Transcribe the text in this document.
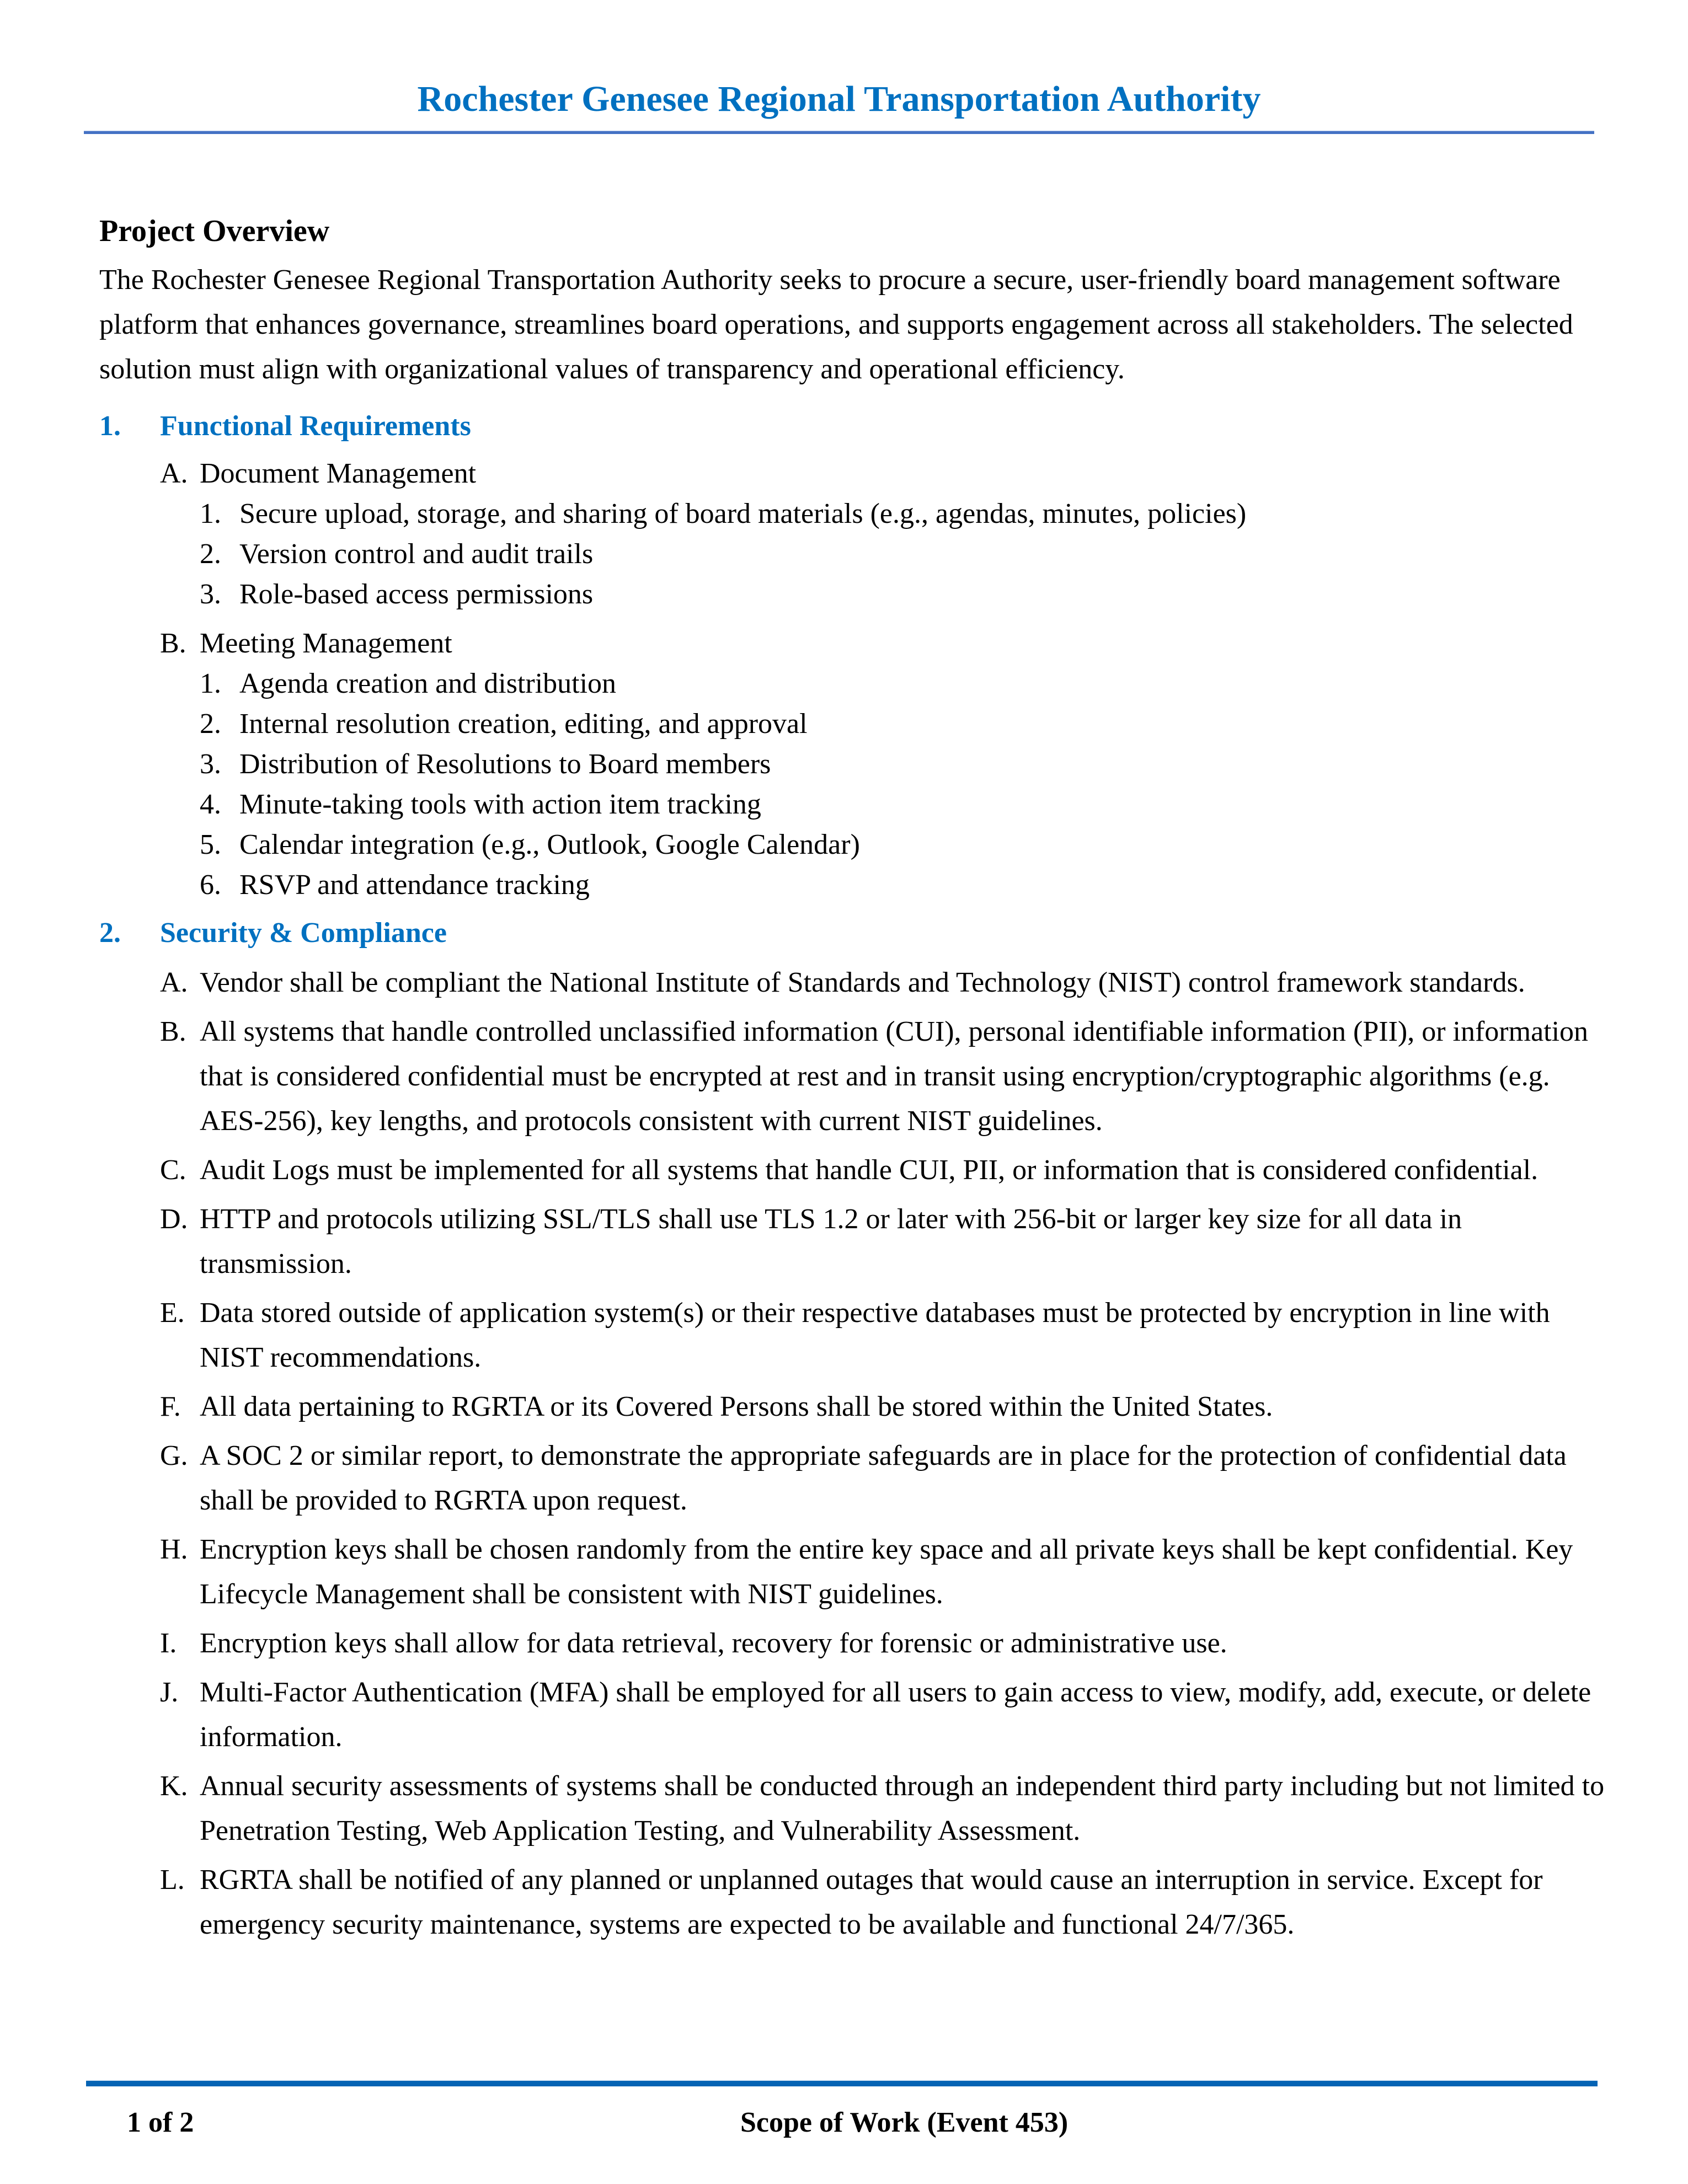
Rochester Genesee Regional Transportation Authority
Project Overview

The Rochester Genesee Regional Transportation Authority seeks to procure a secure, user-friendly board management software platform that enhances governance, streamlines board operations, and supports engagement across all stakeholders. The selected solution must align with organizational values of transparency and operational efficiency.

1.	Functional Requirements
A. Document Management
1. Secure upload, storage, and sharing of board materials (e.g., agendas, minutes, policies)
2. Version control and audit trails
3. Role-based access permissions
B. Meeting Management
1. Agenda creation and distribution
2. Internal resolution creation, editing, and approval
3. Distribution of Resolutions to Board members
4. Minute-taking tools with action item tracking
5. Calendar integration (e.g., Outlook, Google Calendar)
6. RSVP and attendance tracking
2.	Security & Compliance
A. Vendor shall be compliant the National Institute of Standards and Technology (NIST) control framework standards.
B. All systems that handle controlled unclassified information (CUI), personal identifiable information (PII), or information that is considered confidential must be encrypted at rest and in transit using encryption/cryptographic algorithms (e.g. AES-256), key lengths, and protocols consistent with current NIST guidelines.
C. Audit Logs must be implemented for all systems that handle CUI, PII, or information that is considered confidential.
D. HTTP and protocols utilizing SSL/TLS shall use TLS 1.2 or later with 256-bit or larger key size for all data in transmission.
E. Data stored outside of application system(s) or their respective databases must be protected by encryption in line with NIST recommendations.
F. All data pertaining to RGRTA or its Covered Persons shall be stored within the United States.
G. A SOC 2 or similar report, to demonstrate the appropriate safeguards are in place for the protection of confidential data shall be provided to RGRTA upon request.
H. Encryption keys shall be chosen randomly from the entire key space and all private keys shall be kept confidential. Key Lifecycle Management shall be consistent with NIST guidelines.
I. Encryption keys shall allow for data retrieval, recovery for forensic or administrative use.
J. Multi-Factor Authentication (MFA) shall be employed for all users to gain access to view, modify, add, execute, or delete information.
K. Annual security assessments of systems shall be conducted through an independent third party including but not limited to Penetration Testing, Web Application Testing, and Vulnerability Assessment.
L. RGRTA shall be notified of any planned or unplanned outages that would cause an interruption in service. Except for emergency security maintenance, systems are expected to be available and functional 24/7/365.
1 of 2	Scope of Work (Event 453)
